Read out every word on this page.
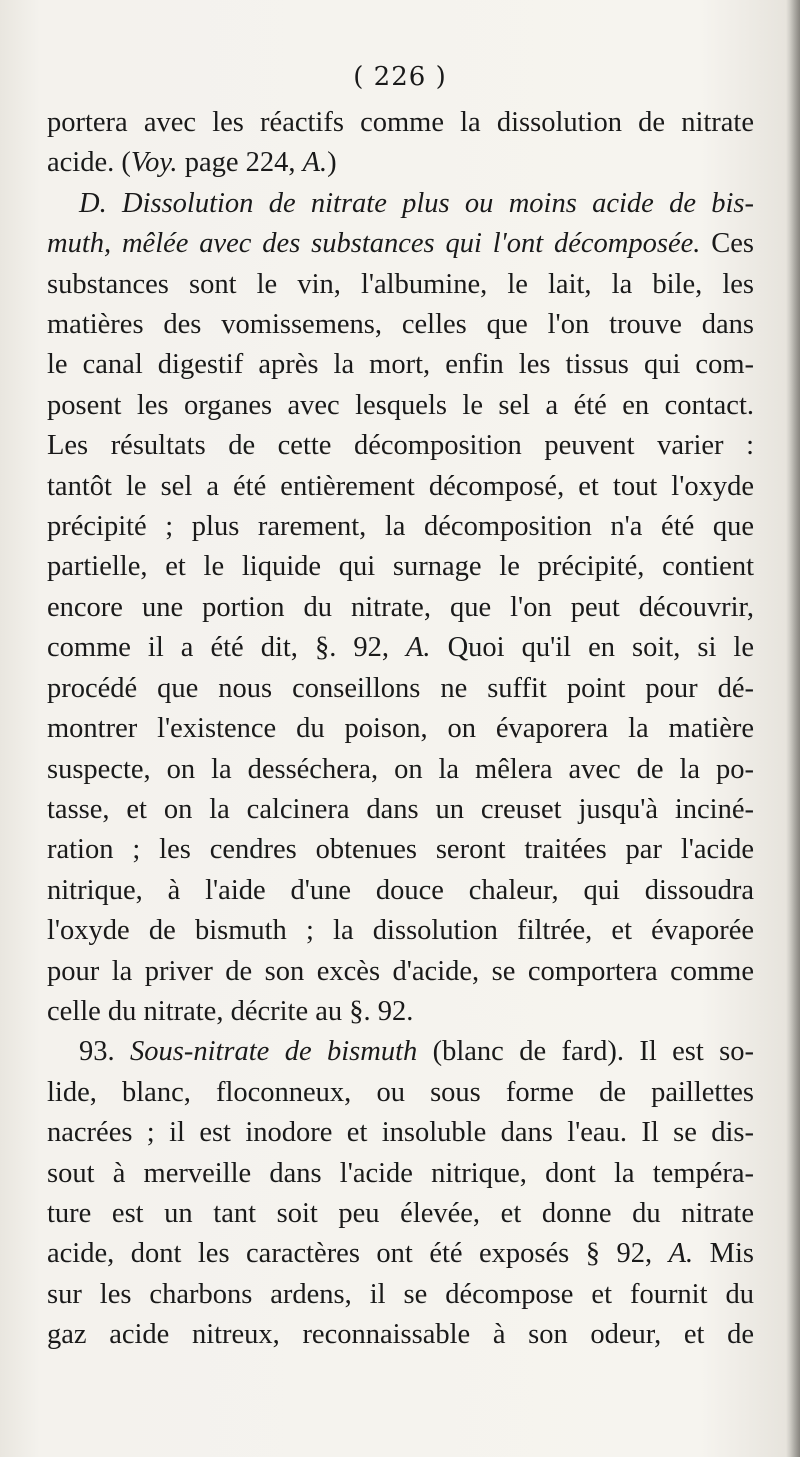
( 226 )
portera avec les réactifs comme la dissolution de nitrate
acide. (Voy. page 224, A.)
D. Dissolution de nitrate plus ou moins acide de bis-
muth, mêlée avec des substances qui l'ont décomposée. Ces
substances sont le vin, l'albumine, le lait, la bile, les
matières des vomissemens, celles que l'on trouve dans
le canal digestif après la mort, enfin les tissus qui com-
posent les organes avec lesquels le sel a été en contact.
Les résultats de cette décomposition peuvent varier :
tantôt le sel a été entièrement décomposé, et tout l'oxyde
précipité ; plus rarement, la décomposition n'a été que
partielle, et le liquide qui surnage le précipité, contient
encore une portion du nitrate, que l'on peut découvrir,
comme il a été dit, §. 92, A. Quoi qu'il en soit, si le
procédé que nous conseillons ne suffit point pour dé-
montrer l'existence du poison, on évaporera la matière
suspecte, on la desséchera, on la mêlera avec de la po-
tasse, et on la calcinera dans un creuset jusqu'à inciné-
ration ; les cendres obtenues seront traitées par l'acide
nitrique, à l'aide d'une douce chaleur, qui dissoudra
l'oxyde de bismuth ; la dissolution filtrée, et évaporée
pour la priver de son excès d'acide, se comportera comme
celle du nitrate, décrite au §. 92.
93. Sous-nitrate de bismuth (blanc de fard). Il est so-
lide, blanc, floconneux, ou sous forme de paillettes
nacrées ; il est inodore et insoluble dans l'eau. Il se dis-
sout à merveille dans l'acide nitrique, dont la tempéra-
ture est un tant soit peu élevée, et donne du nitrate
acide, dont les caractères ont été exposés § 92, A. Mis
sur les charbons ardens, il se décompose et fournit du
gaz acide nitreux, reconnaissable à son odeur, et de
